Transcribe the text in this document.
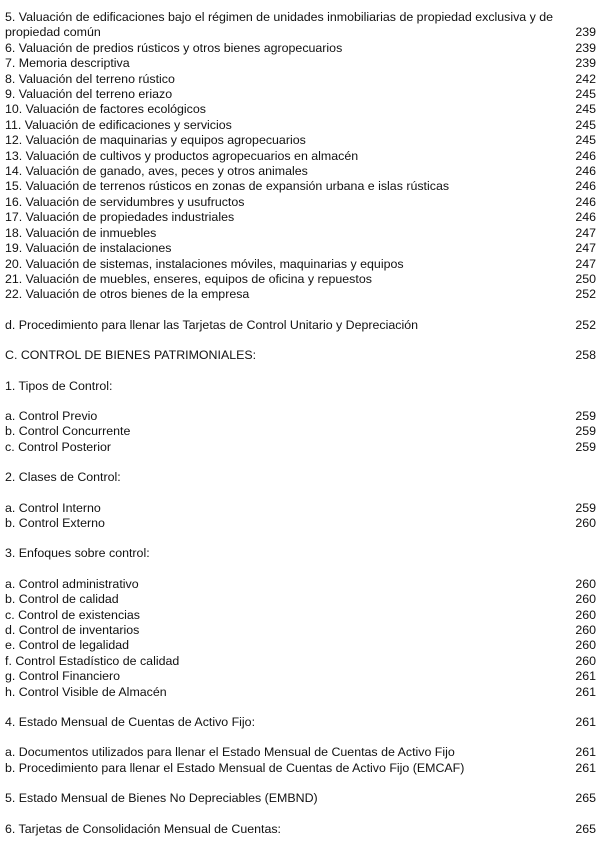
5. Valuación de edificaciones bajo el régimen de unidades inmobiliarias de propiedad exclusiva y de propiedad común	239
6. Valuación de predios rústicos y otros bienes agropecuarios	239
7. Memoria descriptiva	239
8. Valuación del terreno rústico	242
9. Valuación del terreno eriazo	245
10. Valuación de factores ecológicos	245
11. Valuación de edificaciones y servicios	245
12. Valuación de maquinarias y equipos agropecuarios	245
13. Valuación de cultivos y productos agropecuarios en almacén	246
14. Valuación de ganado, aves, peces y otros animales	246
15. Valuación de terrenos rústicos en zonas de expansión urbana e islas rústicas	246
16. Valuación de servidumbres y usufructos	246
17. Valuación de propiedades industriales	246
18. Valuación de inmuebles	247
19. Valuación de instalaciones	247
20. Valuación de sistemas, instalaciones móviles, maquinarias y equipos	247
21. Valuación de muebles, enseres, equipos de oficina y repuestos	250
22. Valuación de otros bienes de la empresa	252
d. Procedimiento para llenar las Tarjetas de Control Unitario y Depreciación	252
C. CONTROL DE BIENES PATRIMONIALES:	258
1. Tipos de Control:
a. Control Previo	259
b. Control Concurrente	259
c. Control Posterior	259
2. Clases de Control:
a. Control Interno	259
b. Control Externo	260
3. Enfoques sobre control:
a. Control administrativo	260
b. Control de calidad	260
c. Control de existencias	260
d. Control de inventarios	260
e. Control de legalidad	260
f. Control Estadístico de calidad	260
g. Control Financiero	261
h. Control Visible de Almacén	261
4. Estado Mensual de Cuentas de Activo Fijo:	261
a. Documentos utilizados para llenar el Estado Mensual de Cuentas de Activo Fijo	261
b. Procedimiento para llenar el Estado Mensual de Cuentas de Activo Fijo (EMCAF)	261
5. Estado Mensual de Bienes No Depreciables (EMBND)	265
6. Tarjetas de Consolidación Mensual de Cuentas:	265
